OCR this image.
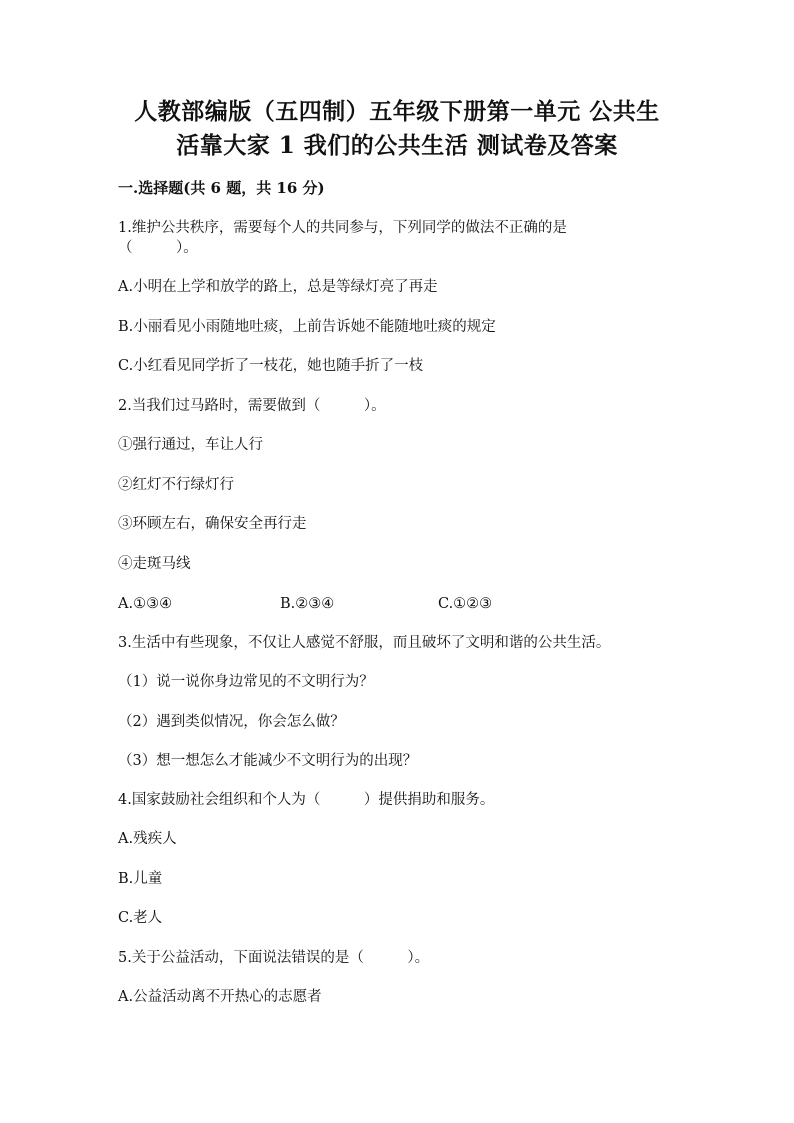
人教部编版（五四制）五年级下册第一单元 公共生
活靠大家 1 我们的公共生活 测试卷及答案
一.选择题(共 6 题，共 16 分)
1.维护公共秩序，需要每个人的共同参与，下列同学的做法不正确的是
（　　　）。
A.小明在上学和放学的路上，总是等绿灯亮了再走
B.小丽看见小雨随地吐痰，上前告诉她不能随地吐痰的规定
C.小红看见同学折了一枝花，她也随手折了一枝
2.当我们过马路时，需要做到（　　　）。
①强行通过，车让人行
②红灯不行绿灯行
③环顾左右，确保安全再行走
④走斑马线
A.①③④	B.②③④	C.①②③
3.生活中有些现象，不仅让人感觉不舒服，而且破坏了文明和谐的公共生活。
（1）说一说你身边常见的不文明行为？
（2）遇到类似情况，你会怎么做？
（3）想一想怎么才能减少不文明行为的出现？
4.国家鼓励社会组织和个人为（　　　）提供捐助和服务。
A.残疾人
B.儿童
C.老人
5.关于公益活动，下面说法错误的是（　　　）。
A.公益活动离不开热心的志愿者
